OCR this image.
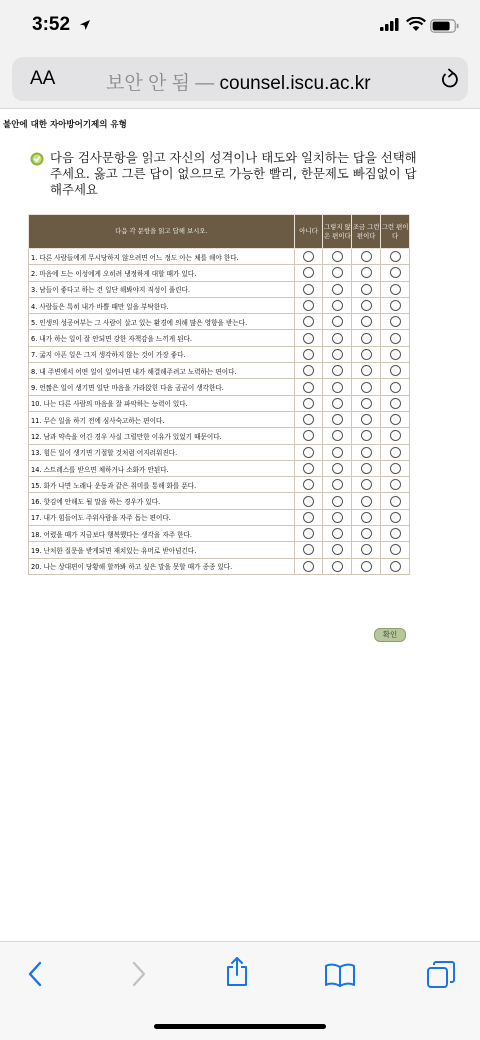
3:52
AA	보안 안 됨 — counsel.iscu.ac.kr
불안에 대한 자아방어기제의 유형
다음 검사문항을 읽고 자신의 성격이나 태도와 일치하는 답을 선택해 주세요. 옳고 그른 답이 없으므로 가능한 빨리, 한문제도 빠짐없이 답해주세요
다음 각 문항을 읽고 답해 보시오.	아니다	그렇지 않은 편이다	조금 그런 편이다	그런 편이다
1. 다른 사람들에게 무시당하지 않으려면 어느 정도 아는 체를 해야 한다.				
2. 마음에 드는 이성에게 오히려 냉정하게 대할 때가 있다.				
3. 남들이 좋다고 하는 건 일단 해봐야지 직성이 풀린다.				
4. 사람들은 특히 내가 바쁠 때만 일을 부탁한다.				
5. 인생의 성공여부는 그 사람이 살고 있는 환경에 의해 많은 영향을 받는다.				
6. 내가 하는 일이 잘 안되면 강한 자책감을 느끼게 된다.				
7. 굶지 아픈 일은 그저 생각하지 않는 것이 가장 좋다.				
8. 내 주변에서 어떤 일이 일어나면 내가 해결해주려고 노력하는 편이다.				
9. 언짢은 일이 생기면 일단 마음을 가라앉힌 다음 곰곰이 생각한다.				
10. 나는 다른 사람의 마음을 잘 파악하는 능력이 있다.				
11. 무슨 일을 하기 전에 심사숙고하는 편이다.				
12. 남과 약속을 어긴 경우 사실 그럴만한 이유가 있었기 때문이다.				
13. 힘든 일이 생기면 기절할 것처럼 어지러워진다.				
14. 스트레스를 받으면 체하거나 소화가 안된다.				
15. 화가 나면 노래나 운동과 같은 취미를 통해 화를 푼다.				
16. 핫김에 안해도 될 말을 하는 경우가 있다.				
17. 내가 힘들어도 주위사람을 자주 돕는 편이다.				
18. 어렸을 때가 지금보다 행복했다는 생각을 자주 한다.				
19. 난처한 질문을 받게되면 재치있는 유머로 받아넘긴다.				
20. 나는 상대편이 당황해 할까봐 하고 싶은 말을 못할 때가 종종 있다.				
확인
